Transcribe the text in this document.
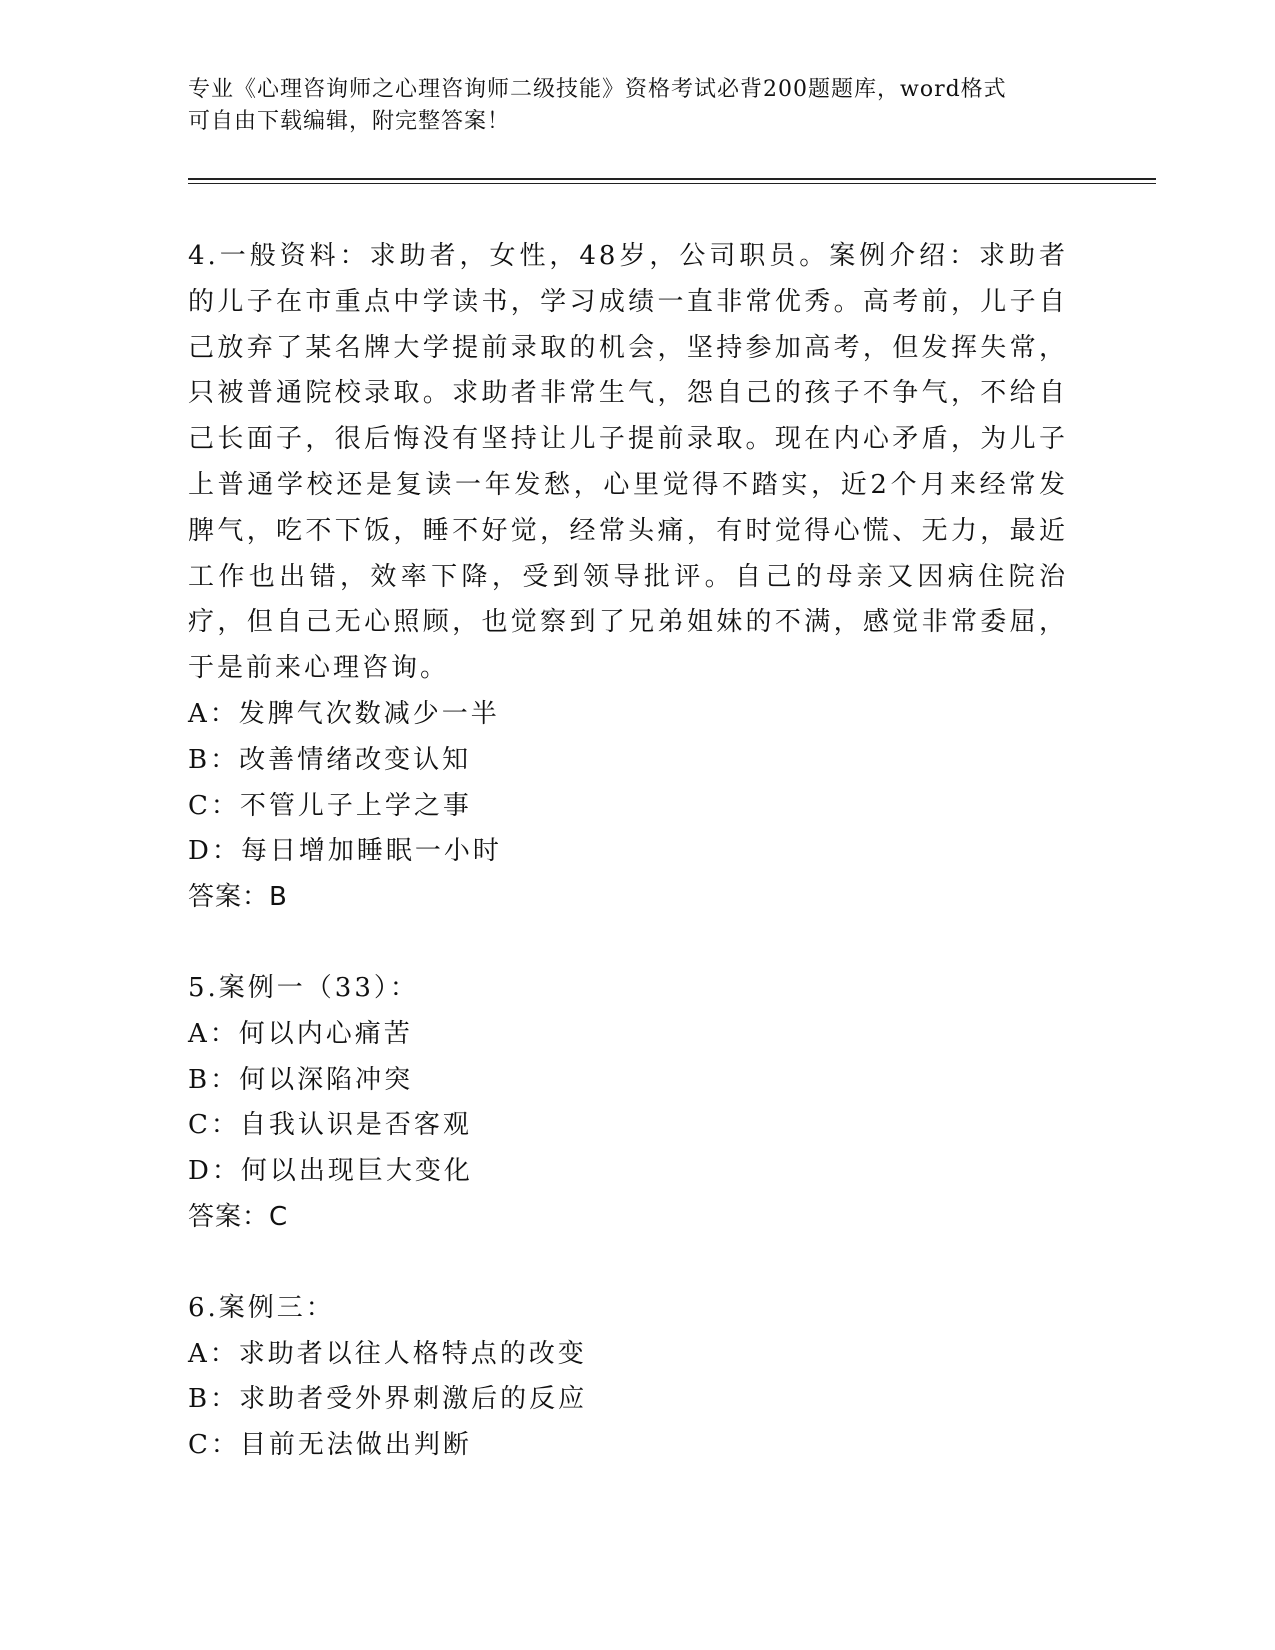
专业《心理咨询师之心理咨询师二级技能》资格考试必背200题题库，word格式
可自由下载编辑，附完整答案！

4.一般资料：求助者，女性，48岁，公司职员。案例介绍：求助者的儿子在市重点中学读书，学习成绩一直非常优秀。高考前，儿子自己放弃了某名牌大学提前录取的机会，坚持参加高考，但发挥失常，只被普通院校录取。求助者非常生气，怨自己的孩子不争气，不给自己长面子，很后悔没有坚持让儿子提前录取。现在内心矛盾，为儿子上普通学校还是复读一年发愁，心里觉得不踏实，近2个月来经常发脾气，吃不下饭，睡不好觉，经常头痛，有时觉得心慌、无力，最近工作也出错，效率下降，受到领导批评。自己的母亲又因病住院治疗，但自己无心照顾，也觉察到了兄弟姐妹的不满，感觉非常委屈，于是前来心理咨询。

A：发脾气次数减少一半

B：改善情绪改变认知

C：不管儿子上学之事

D：每日增加睡眠一小时

答案：B

5.案例一（33）：

A：何以内心痛苦

B：何以深陷冲突

C：自我认识是否客观

D：何以出现巨大变化

答案：C

6.案例三：

A：求助者以往人格特点的改变

B：求助者受外界刺激后的反应

C：目前无法做出判断
